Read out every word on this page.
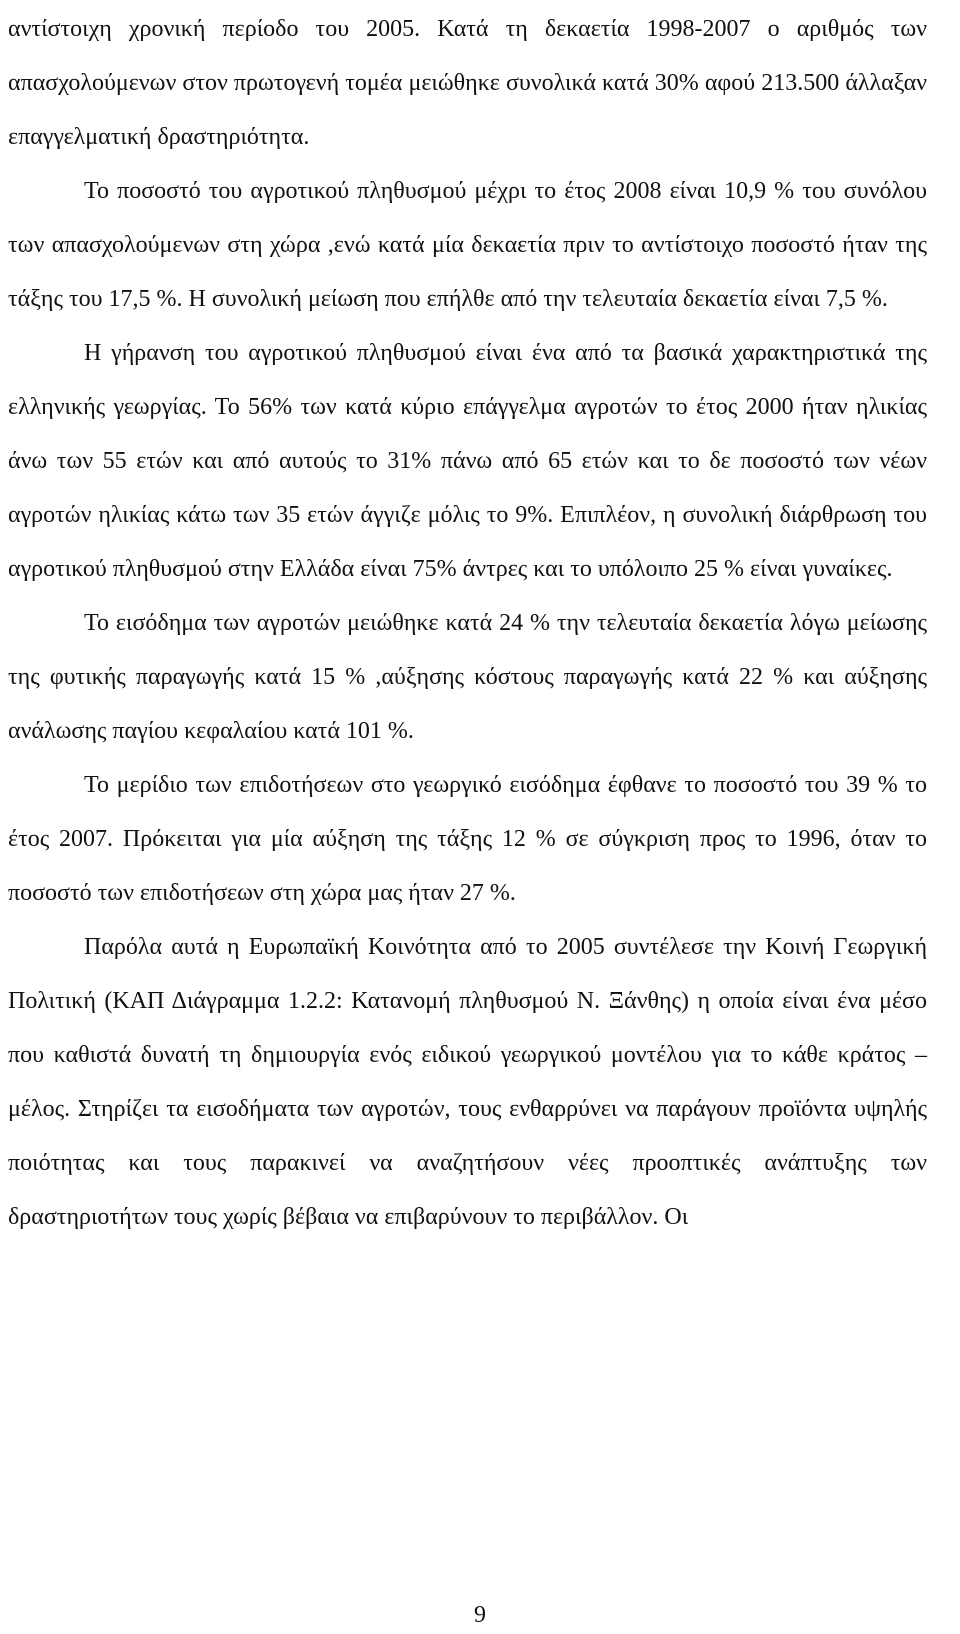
αντίστοιχη χρονική περίοδο του 2005. Κατά τη δεκαετία 1998-2007 ο αριθμός των απασχολούμενων στον πρωτογενή τομέα μειώθηκε συνολικά κατά 30% αφού 213.500 άλλαξαν επαγγελματική δραστηριότητα.

Το ποσοστό του αγροτικού πληθυσμού μέχρι το έτος 2008 είναι 10,9 % του συνόλου των απασχολούμενων στη χώρα ,ενώ κατά μία δεκαετία πριν το αντίστοιχο ποσοστό ήταν της τάξης του 17,5 %. Η συνολική μείωση που επήλθε από την τελευταία δεκαετία είναι 7,5 %.

Η γήρανση του αγροτικού πληθυσμού είναι ένα από τα βασικά χαρακτηριστικά της ελληνικής γεωργίας. Το 56% των κατά κύριο επάγγελμα αγροτών το έτος 2000 ήταν ηλικίας άνω των 55 ετών και από αυτούς το 31% πάνω από 65 ετών και το δε ποσοστό των νέων αγροτών ηλικίας κάτω των 35 ετών άγγιζε μόλις το 9%. Επιπλέον, η συνολική διάρθρωση του αγροτικού πληθυσμού στην Ελλάδα είναι 75% άντρες και το υπόλοιπο 25 % είναι γυναίκες.

Το εισόδημα των αγροτών μειώθηκε κατά 24 % την τελευταία δεκαετία λόγω μείωσης της φυτικής παραγωγής κατά 15 % ,αύξησης κόστους παραγωγής κατά 22 % και αύξησης ανάλωσης παγίου κεφαλαίου κατά 101 %.

Το μερίδιο των επιδοτήσεων στο γεωργικό εισόδημα έφθανε το ποσοστό του 39 % το έτος 2007. Πρόκειται για μία αύξηση της τάξης 12 % σε σύγκριση προς το 1996, όταν το ποσοστό των επιδοτήσεων στη χώρα μας ήταν 27 %.

Παρόλα αυτά η Ευρωπαϊκή Κοινότητα από το 2005 συντέλεσε την Κοινή Γεωργική Πολιτική (ΚΑΠ Διάγραμμα 1.2.2: Κατανομή πληθυσμού Ν. Ξάνθης) η οποία είναι ένα μέσο που καθιστά δυνατή τη δημιουργία ενός ειδικού γεωργικού μοντέλου για το κάθε κράτος – μέλος. Στηρίζει τα εισοδήματα των αγροτών, τους ενθαρρύνει να παράγουν προϊόντα υψηλής ποιότητας και τους παρακινεί να αναζητήσουν νέες προοπτικές ανάπτυξης των δραστηριοτήτων τους χωρίς βέβαια να επιβαρύνουν το περιβάλλον. Οι

9
